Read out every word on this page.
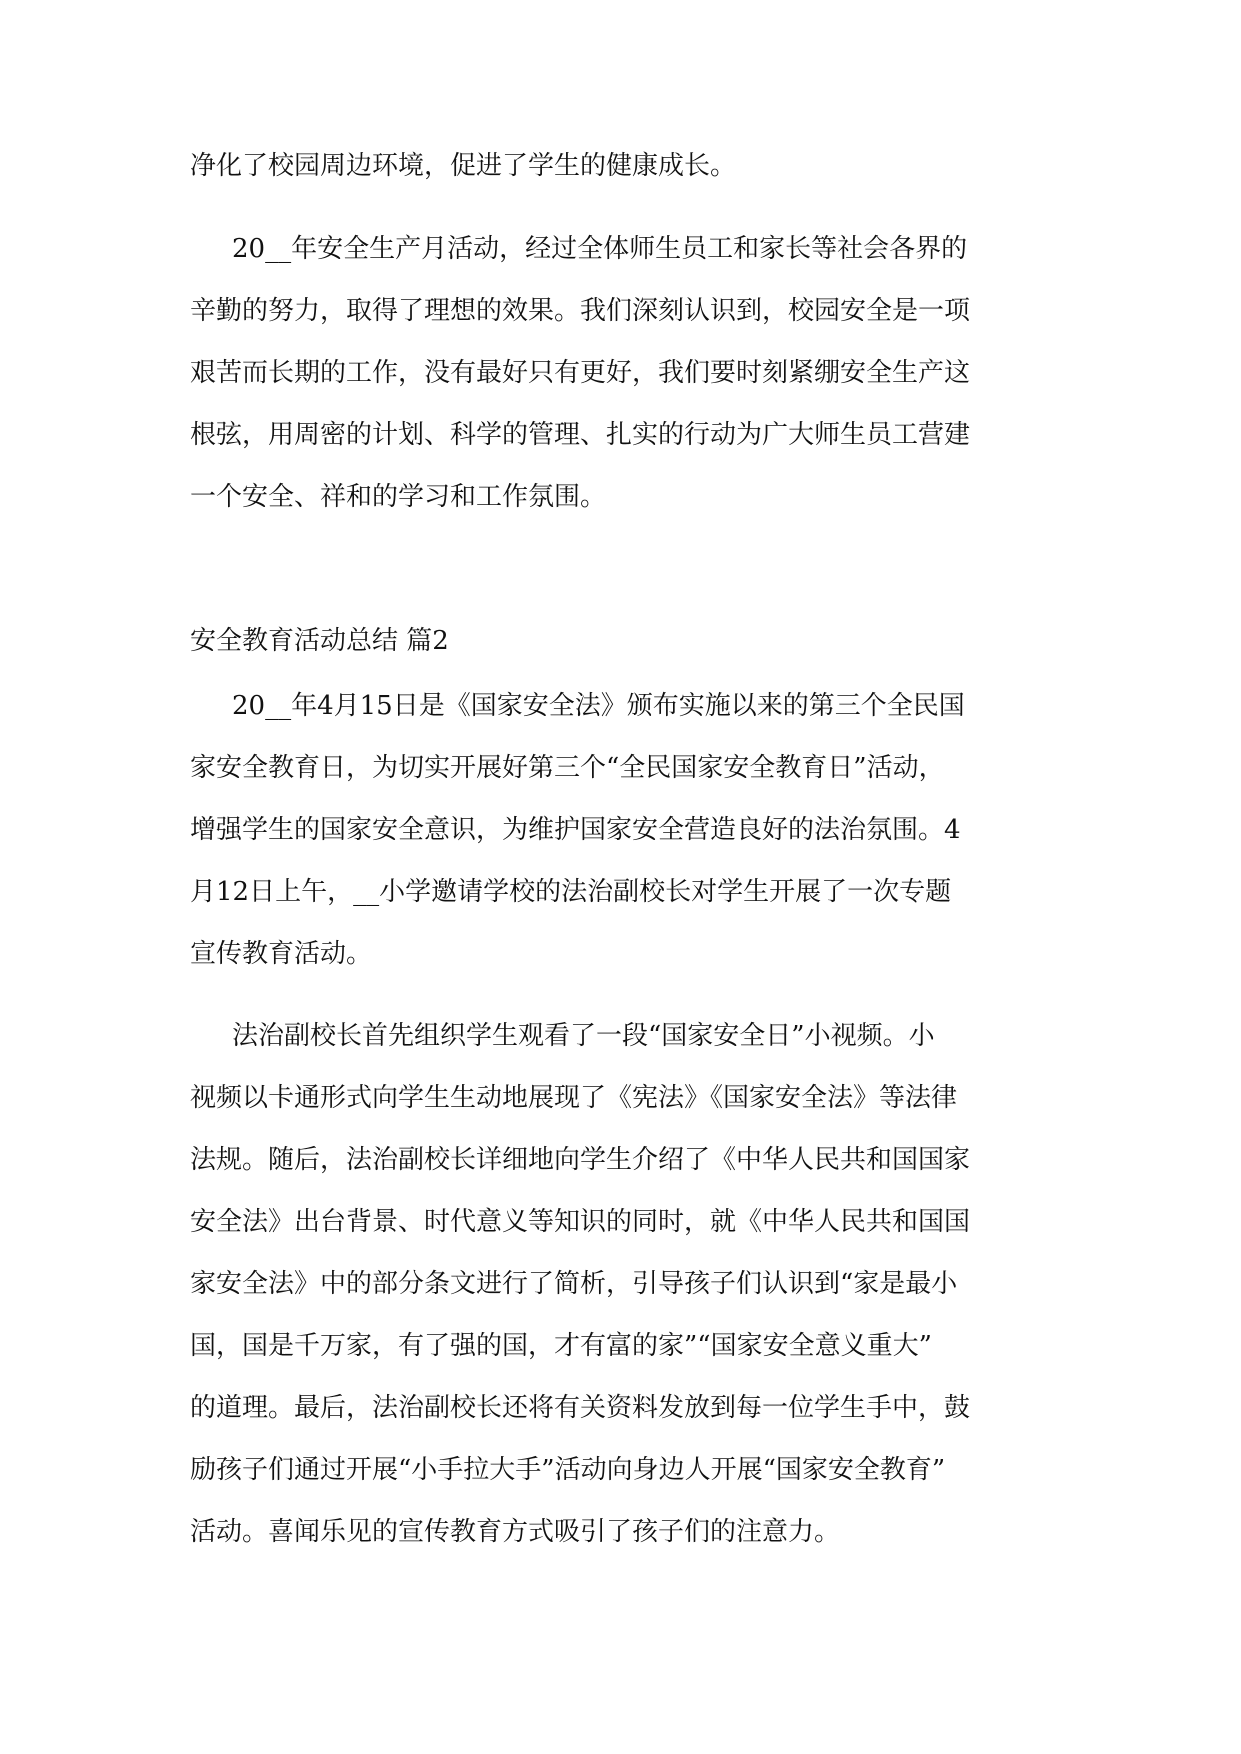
净化了校园周边环境，促进了学生的健康成长。

20__年安全生产月活动，经过全体师生员工和家长等社会各界的

辛勤的努力，取得了理想的效果。我们深刻认识到，校园安全是一项

艰苦而长期的工作，没有最好只有更好，我们要时刻紧绷安全生产这

根弦，用周密的计划、科学的管理、扎实的行动为广大师生员工营建

一个安全、祥和的学习和工作氛围。

安全教育活动总结 篇2

20__年4月15日是《国家安全法》颁布实施以来的第三个全民国

家安全教育日，为切实开展好第三个“全民国家安全教育日”活动，

增强学生的国家安全意识，为维护国家安全营造良好的法治氛围。4

月12日上午，__小学邀请学校的法治副校长对学生开展了一次专题

宣传教育活动。

法治副校长首先组织学生观看了一段“国家安全日”小视频。小

视频以卡通形式向学生生动地展现了《宪法》《国家安全法》等法律

法规。随后，法治副校长详细地向学生介绍了《中华人民共和国国家

安全法》出台背景、时代意义等知识的同时，就《中华人民共和国国

家安全法》中的部分条文进行了简析，引导孩子们认识到“家是最小

国，国是千万家，有了强的国，才有富的家”“国家安全意义重大”

的道理。最后，法治副校长还将有关资料发放到每一位学生手中，鼓

励孩子们通过开展“小手拉大手”活动向身边人开展“国家安全教育”

活动。喜闻乐见的宣传教育方式吸引了孩子们的注意力。
